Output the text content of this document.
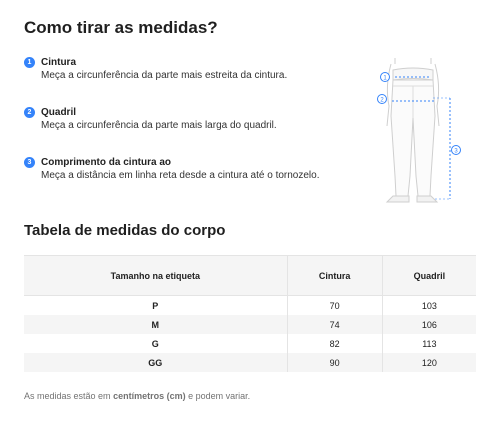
Como tirar as medidas?
1 Cintura
Meça a circunferência da parte mais estreita da cintura.
2 Quadril
Meça a circunferência da parte mais larga do quadril.
3 Comprimento da cintura ao
Meça a distância em linha reta desde a cintura até o tornozelo.
1
2
3
Tabela de medidas do corpo
Tamanho na etiqueta	Cintura	Quadril
P	70	103
M	74	106
G	82	113
GG	90	120
As medidas estão em centímetros (cm) e podem variar.
